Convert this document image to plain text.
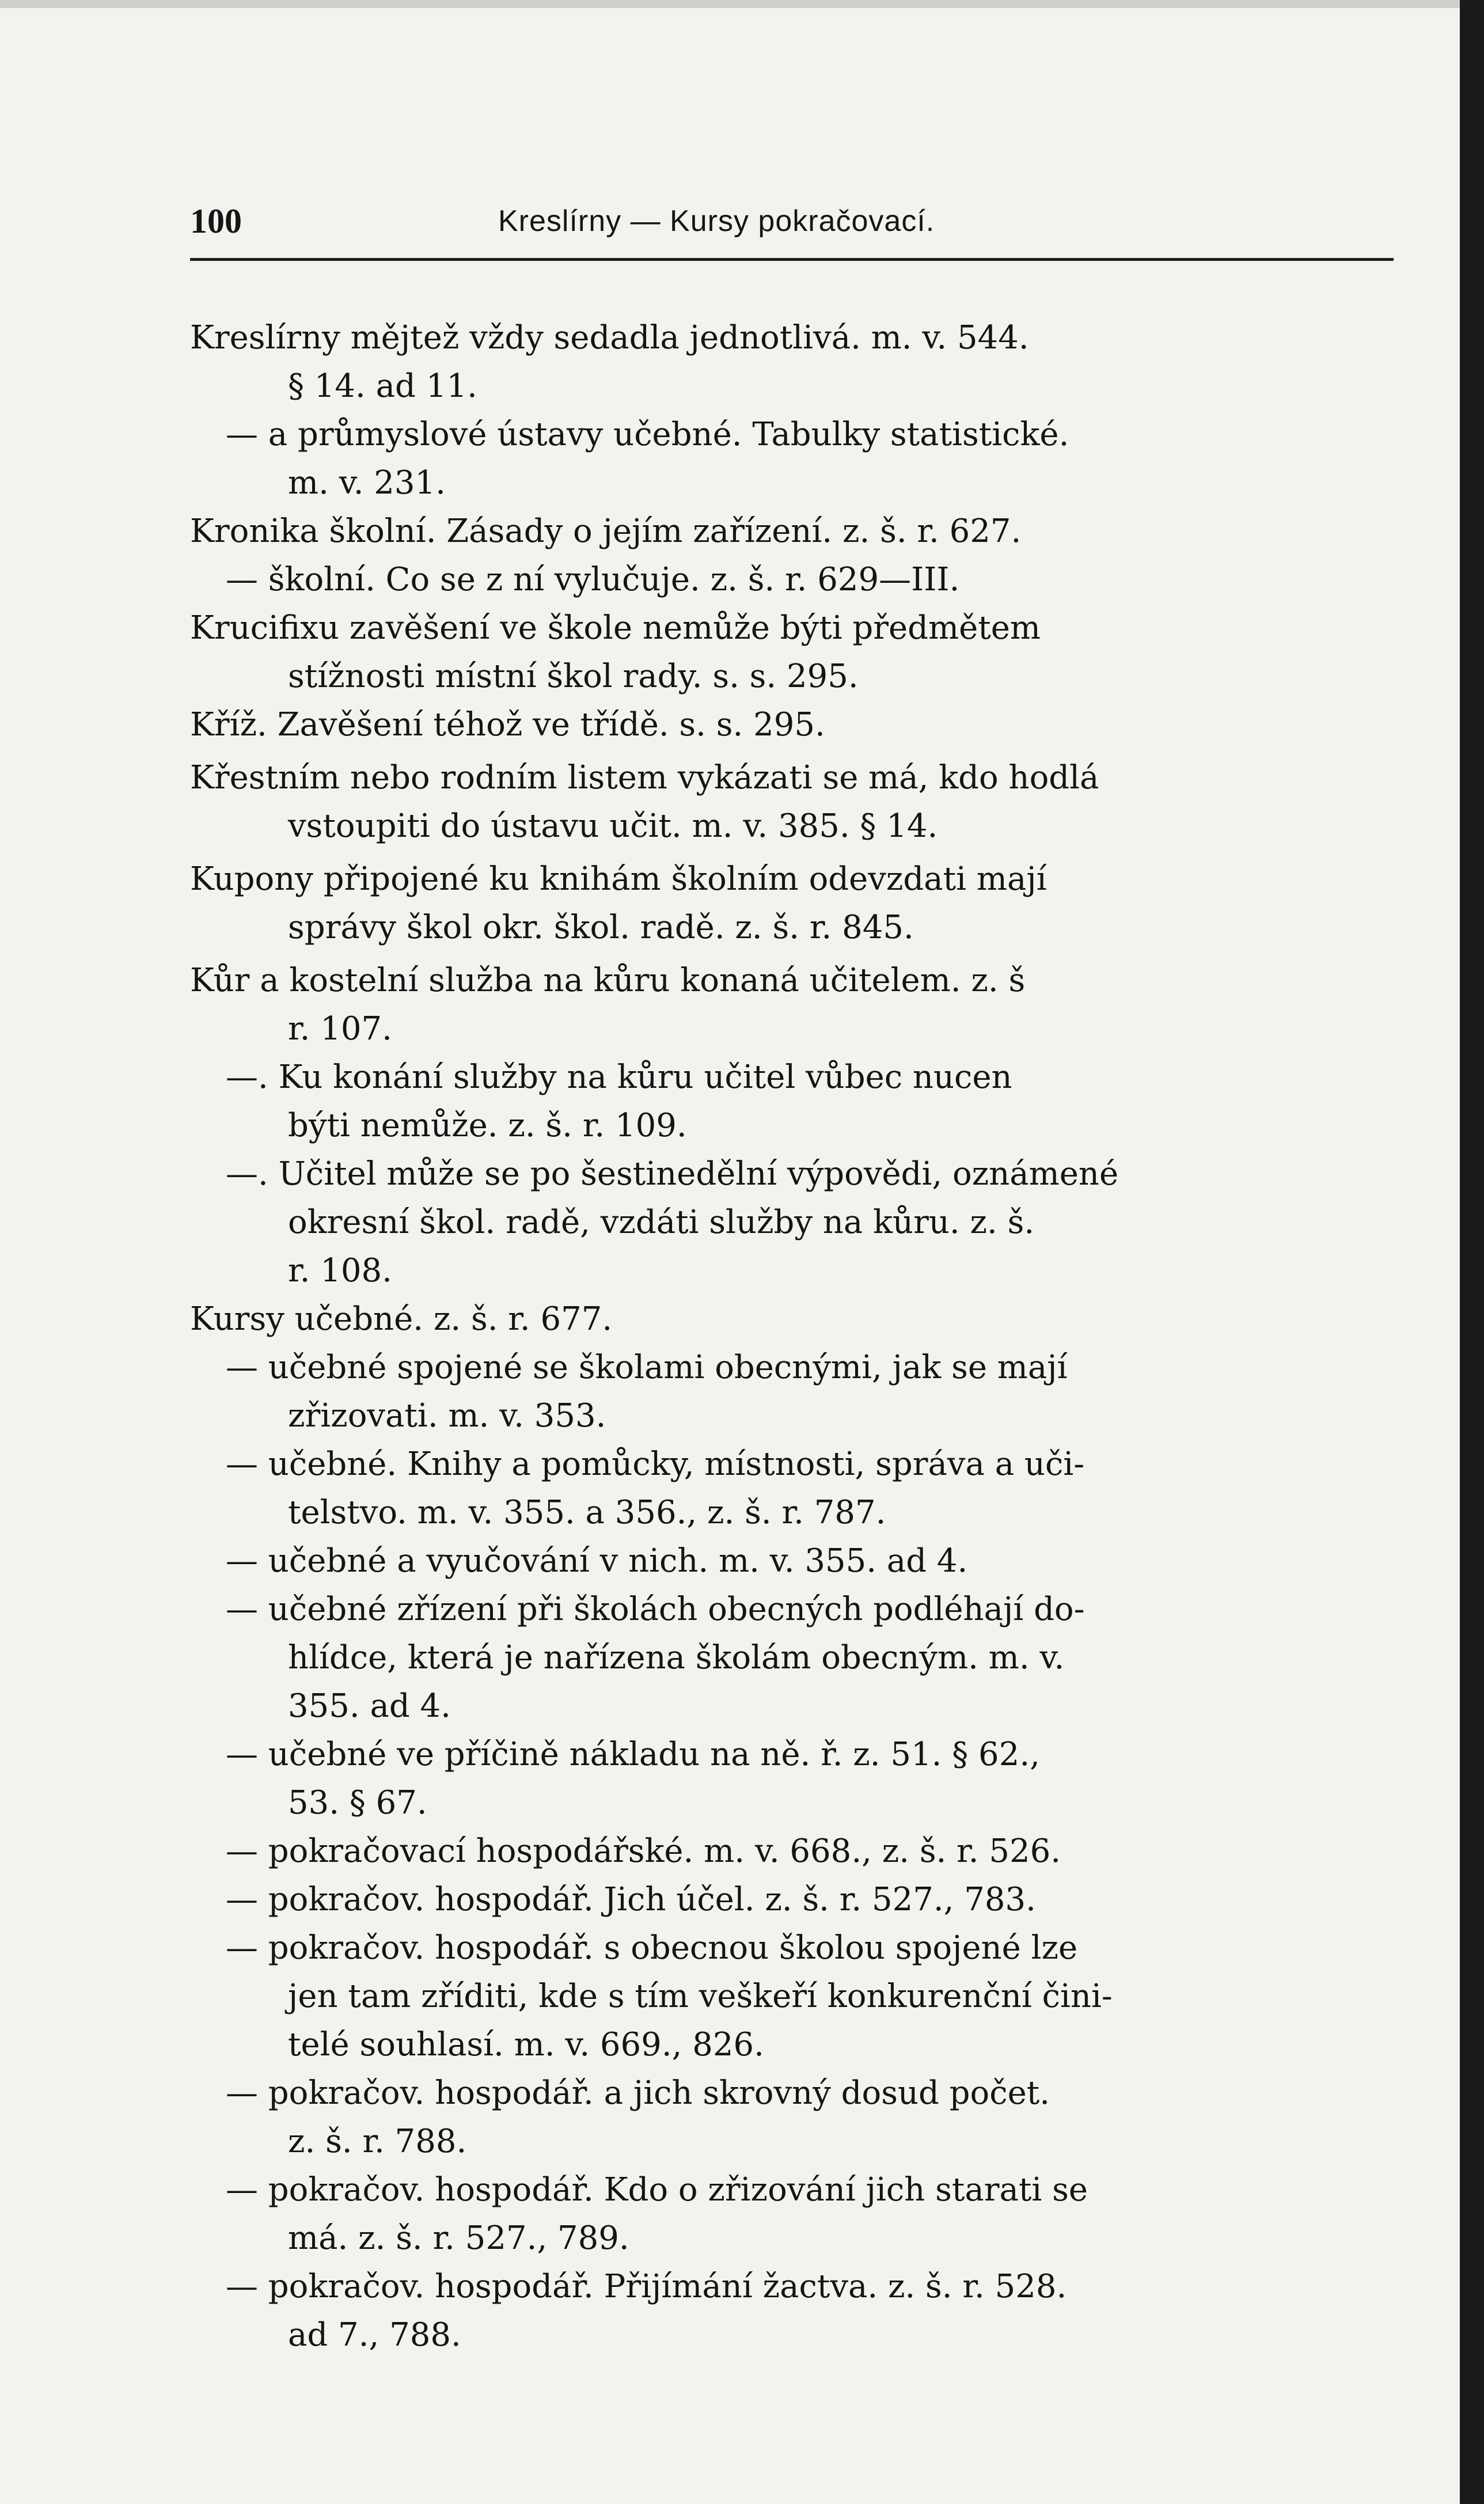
100	Kreslírny — Kursy pokračovací.
Kreslírny mějtež vždy sedadla jednotlivá. m. v. 544.
§ 14. ad 11.
— a průmyslové ústavy učebné. Tabulky statistické.
m. v. 231.
Kronika školní. Zásady o jejím zařízení. z. š. r. 627.
— školní. Co se z ní vylučuje. z. š. r. 629—III.
Krucifixu zavěšení ve škole nemůže býti předmětem
stížnosti místní škol rady. s. s. 295.
Kříž. Zavěšení téhož ve třídě. s. s. 295.
Křestním nebo rodním listem vykázati se má, kdo hodlá
vstoupiti do ústavu učit. m. v. 385. § 14.
Kupony připojené ku knihám školním odevzdati mají
správy škol okr. škol. radě. z. š. r. 845.
Kůr a kostelní služba na kůru konaná učitelem. z. š
r. 107.
—. Ku konání služby na kůru učitel vůbec nucen
býti nemůže. z. š. r. 109.
—. Učitel může se po šestinedělní výpovědi, oznámené
okresní škol. radě, vzdáti služby na kůru. z. š.
r. 108.
Kursy učebné. z. š. r. 677.
— učebné spojené se školami obecnými, jak se mají
zřizovati. m. v. 353.
— učebné. Knihy a pomůcky, místnosti, správa a uči-
telstvo. m. v. 355. a 356., z. š. r. 787.
— učebné a vyučování v nich. m. v. 355. ad 4.
— učebné zřízení při školách obecných podléhají do-
hlídce, která je nařízena školám obecným. m. v.
355. ad 4.
— učebné ve příčině nákladu na ně. ř. z. 51. § 62.,
53. § 67.
— pokračovací hospodářské. m. v. 668., z. š. r. 526.
— pokračov. hospodář. Jich účel. z. š. r. 527., 783.
— pokračov. hospodář. s obecnou školou spojené lze
jen tam zříditi, kde s tím veškeří konkurenční čini-
telé souhlasí. m. v. 669., 826.
— pokračov. hospodář. a jich skrovný dosud počet.
z. š. r. 788.
— pokračov. hospodář. Kdo o zřizování jich starati se
má. z. š. r. 527., 789.
— pokračov. hospodář. Přijímání žactva. z. š. r. 528.
ad 7., 788.
